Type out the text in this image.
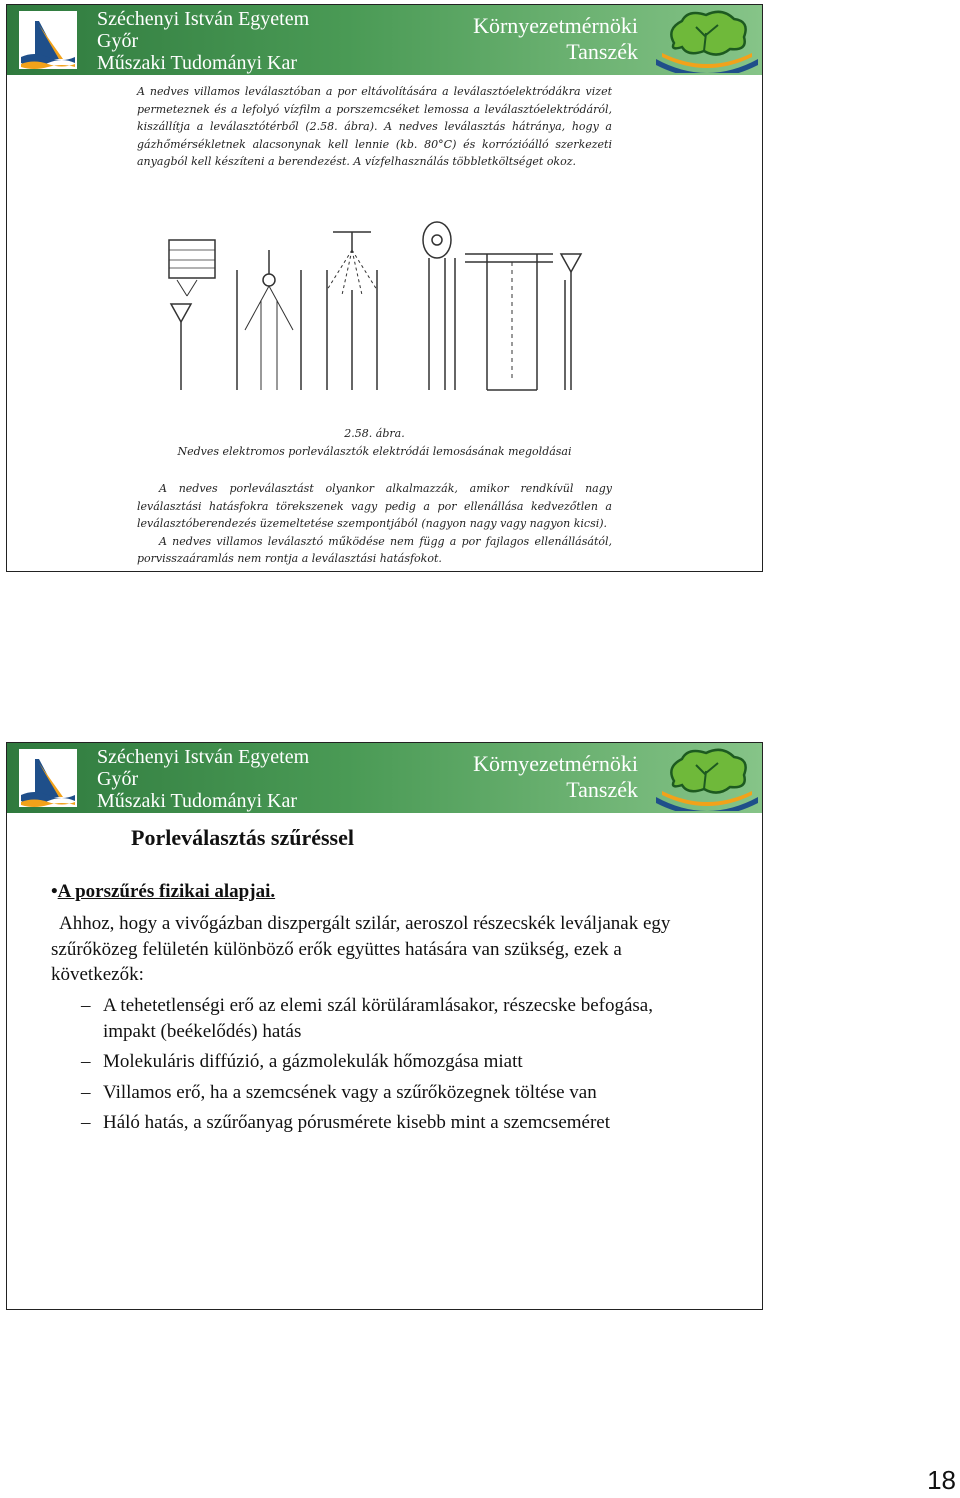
Széchenyi István Egyetem
Győr
Műszaki Tudományi Kar
Környezetmérnöki
Tanszék
A nedves villamos leválasztóban a por eltávolítására a leválasztóelektródákra vizet permeteznek és a lefolyó vízfilm a porszemcséket lemossa a leválasztóelektródáról, kiszállítja a leválasztótérből (2.58. ábra). A nedves leválasztás hátránya, hogy a gázhőmérsékletnek alacsonynak kell lennie (kb. 80°C) és korrózióálló szerkezeti anyagból kell készíteni a berendezést. A vízfelhasználás többletköltséget okoz.
2.58. ábra.
Nedves elektromos porleválasztók elektródái lemosásának megoldásai
A nedves porleválasztást olyankor alkalmazzák, amikor rendkívül nagy leválasztási hatásfokra törekszenek vagy pedig a por ellenállása kedvezőtlen a leválasztóberendezés üzemeltetése szempontjából (nagyon nagy vagy nagyon kicsi).
A nedves villamos leválasztó működése nem függ a por fajlagos ellenállásától, porvisszaáramlás nem rontja a leválasztási hatásfokot.
Széchenyi István Egyetem
Győr
Műszaki Tudományi Kar
Környezetmérnöki
Tanszék
Porleválasztás szűréssel
•A porszűrés fizikai alapjai.
Ahhoz, hogy a vivőgázban diszpergált szilár, aeroszol részecskék leváljanak egy szűrőközeg felületén különböző erők együttes hatására van szükség, ezek a következők:
– A tehetetlenségi erő az elemi szál körüláramlásakor, részecske befogása, impakt (beékelődés) hatás
– Molekuláris diffúzió, a gázmolekulák hőmozgása miatt
– Villamos erő, ha a szemcsének vagy a szűrőközegnek töltése van
– Háló hatás, a szűrőanyag pórusmérete kisebb mint a szemcseméret
18
